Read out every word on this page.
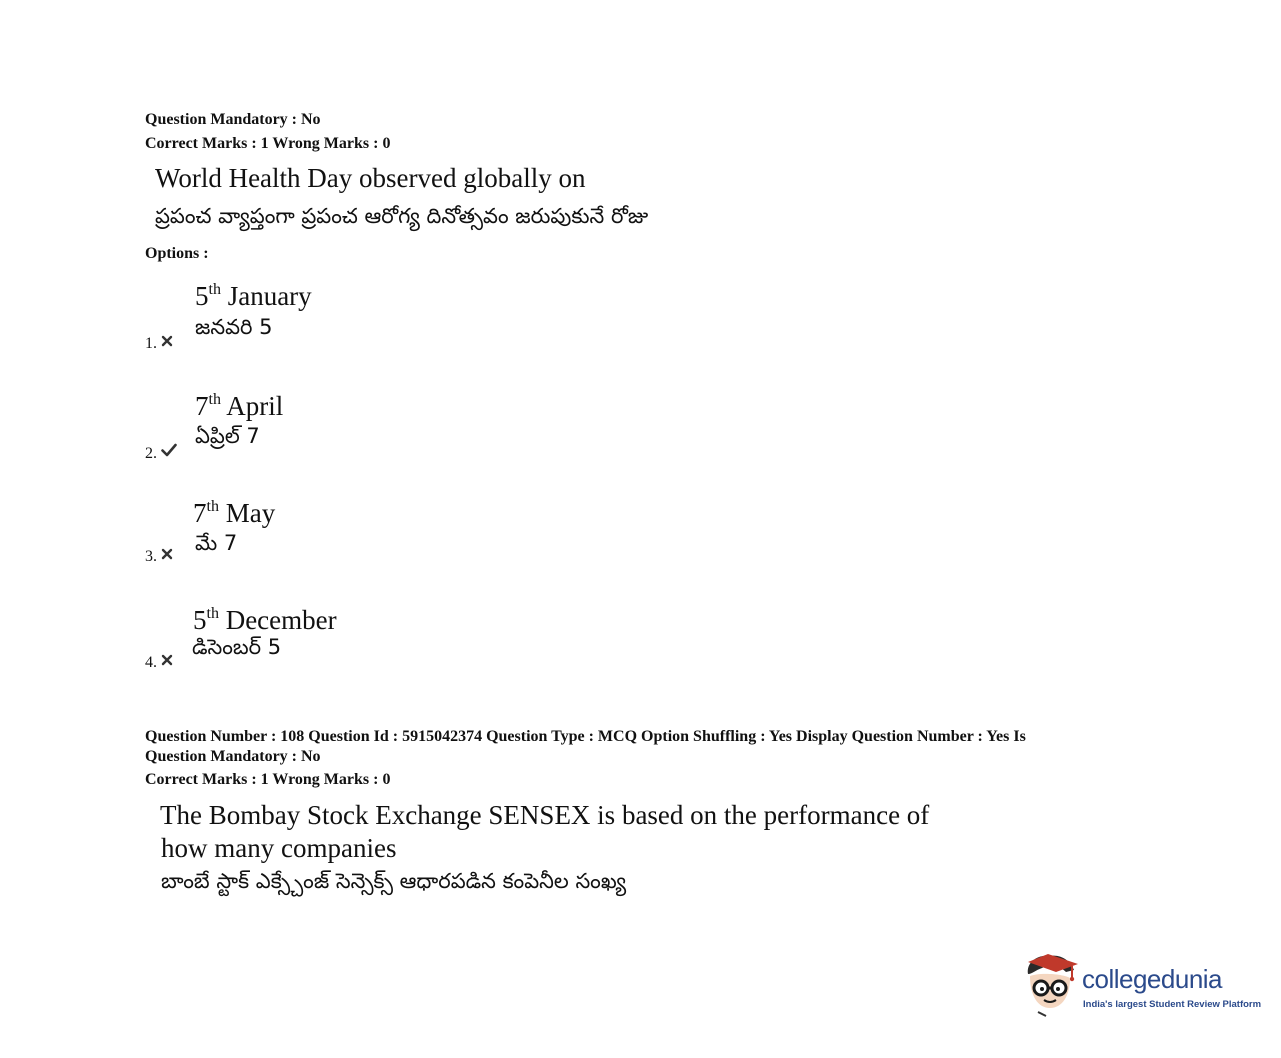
Question Mandatory : No
Correct Marks : 1 Wrong Marks : 0
World Health Day observed globally on
ప్రపంచ వ్యాప్తంగా ప్రపంచ ఆరోగ్య దినోత్సవం జరుపుకునే రోజు
Options :
5th January
జనవరి 5
1.
7th April
ఏప్రిల్ 7
2.
7th May
మే 7
3.
5th December
డిసెంబర్ 5
4.
Question Number : 108 Question Id : 5915042374 Question Type : MCQ Option Shuffling : Yes Display Question Number : Yes Is
Question Mandatory : No
Correct Marks : 1 Wrong Marks : 0
The Bombay Stock Exchange SENSEX is based on the performance of
how many companies
బాంబే స్టాక్ ఎక్స్చేంజ్ సెన్సెక్స్ ఆధారపడిన కంపెనీల సంఖ్య
collegedunia
India's largest Student Review Platform
